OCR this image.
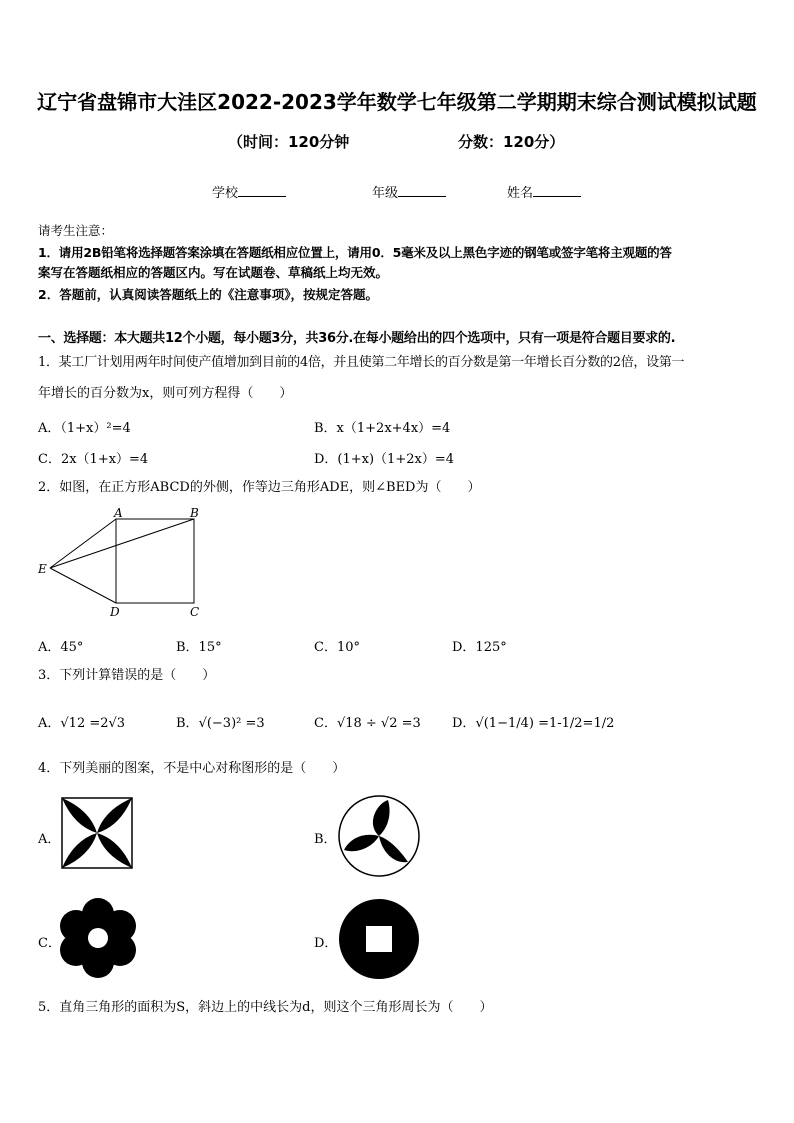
辽宁省盘锦市大洼区2022-2023学年数学七年级第二学期期末综合测试模拟试题
（时间：120分钟	分数：120分）
学校	年级	姓名
请考生注意：
1．请用2B铅笔将选择题答案涂填在答题纸相应位置上，请用0．5毫米及以上黑色字迹的钢笔或签字笔将主观题的答
案写在答题纸相应的答题区内。写在试题卷、草稿纸上均无效。
2．答题前，认真阅读答题纸上的《注意事项》，按规定答题。
一、选择题：本大题共12个小题，每小题3分，共36分.在每小题给出的四个选项中，只有一项是符合题目要求的.
1．某工厂计划用两年时间使产值增加到目前的4倍，并且使第二年增长的百分数是第一年增长百分数的2倍，设第一
年增长的百分数为x，则可列方程得（　　）
A．（1+x）²=4	B．x（1+2x+4x）=4
C．2x（1+x）=4	D．(1+x)（1+2x）=4
2．如图，在正方形ABCD的外侧，作等边三角形ADE，则∠BED为（　　）
A	B
C
D
E
A．45°	B．15°	C．10°	D．125°
3．下列计算错误的是（　　）
A．√12 =2√3	B．√(−3)² =3	C．√18 ÷ √2 =3 D．√(1−1/4) =1-1/2=1/2
4．下列美丽的图案，不是中心对称图形的是（　　）
A．	B．
C．	D．
5．直角三角形的面积为S，斜边上的中线长为d，则这个三角形周长为（　　）
